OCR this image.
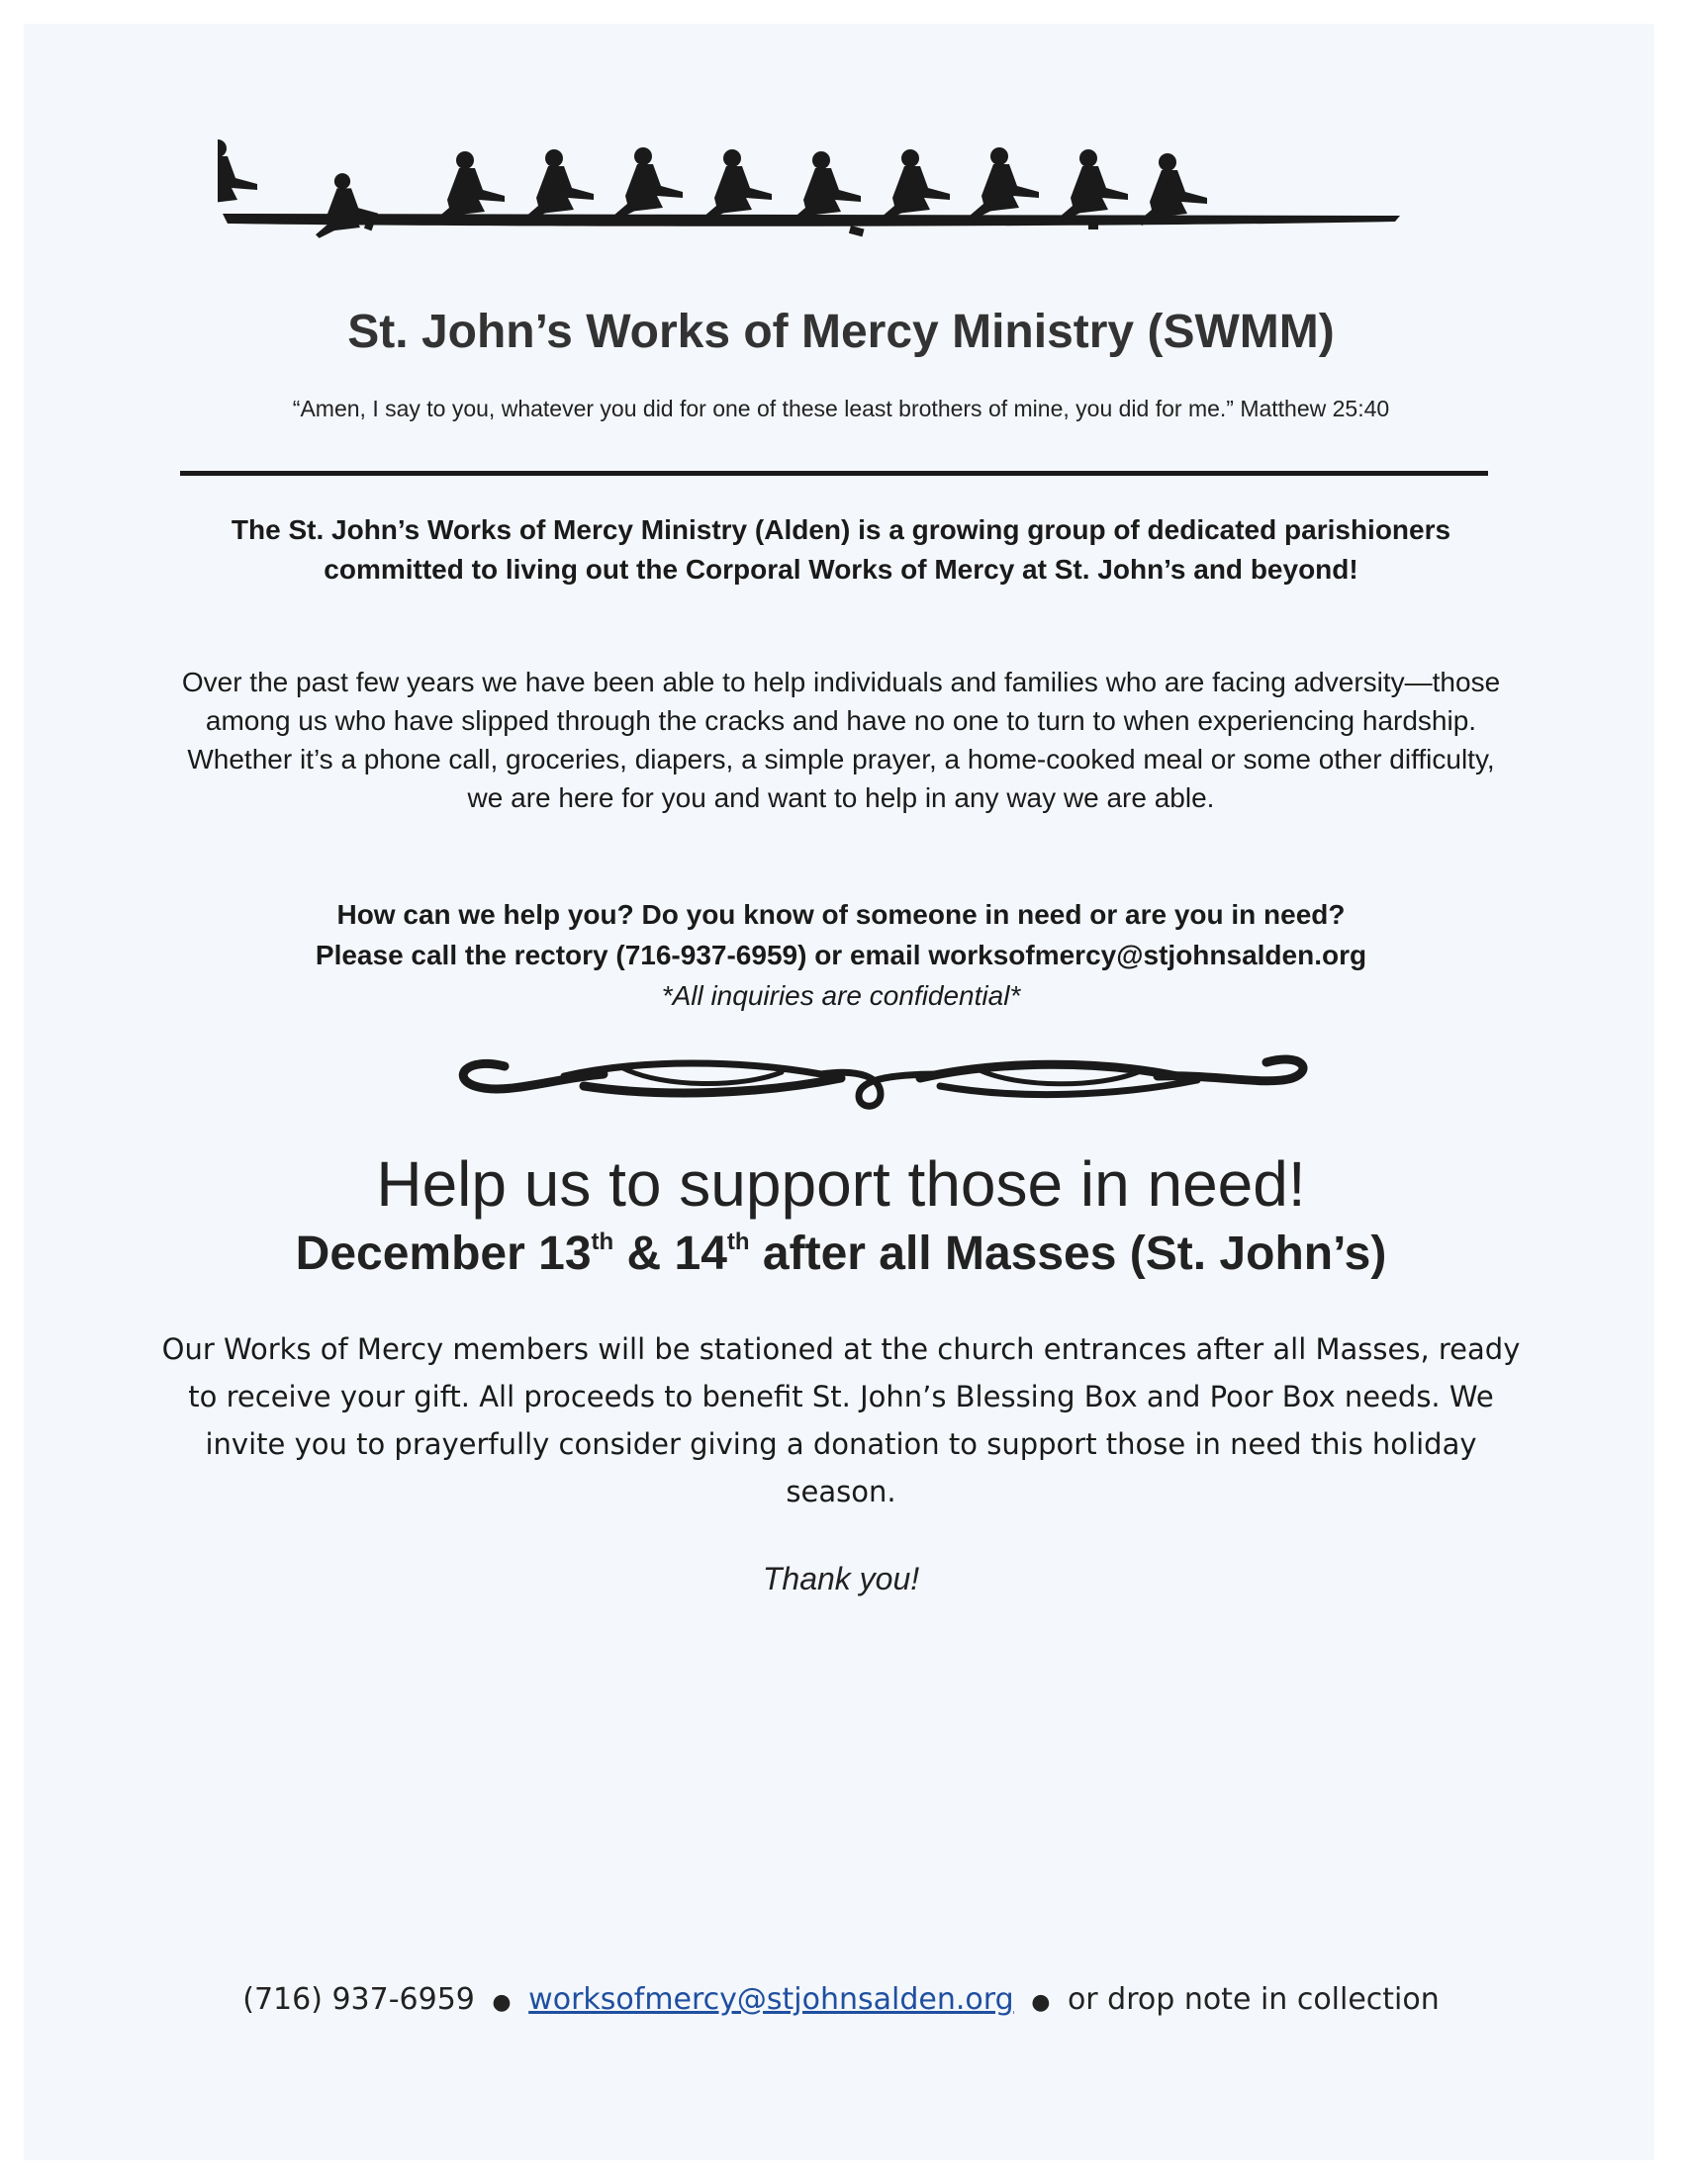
St. John’s Works of Mercy Ministry (SWMM)
“Amen, I say to you, whatever you did for one of these least brothers of mine, you did for me.” Matthew 25:40
The St. John’s Works of Mercy Ministry (Alden) is a growing group of dedicated parishioners committed to living out the Corporal Works of Mercy at St. John’s and beyond!
Over the past few years we have been able to help individuals and families who are facing adversity—those among us who have slipped through the cracks and have no one to turn to when experiencing hardship. Whether it’s a phone call, groceries, diapers, a simple prayer, a home-cooked meal or some other difficulty, we are here for you and want to help in any way we are able.
How can we help you? Do you know of someone in need or are you in need?
Please call the rectory (716-937-6959) or email worksofmercy@stjohnsalden.org
*All inquiries are confidential*
Help us to support those in need!
December 13th & 14th after all Masses (St. John’s)
Our Works of Mercy members will be stationed at the church entrances after all Masses, ready to receive your gift. All proceeds to benefit St. John’s Blessing Box and Poor Box needs. We invite you to prayerfully consider giving a donation to support those in need this holiday season.
Thank you!
(716) 937-6959 ● worksofmercy@stjohnsalden.org ● or drop note in collection
